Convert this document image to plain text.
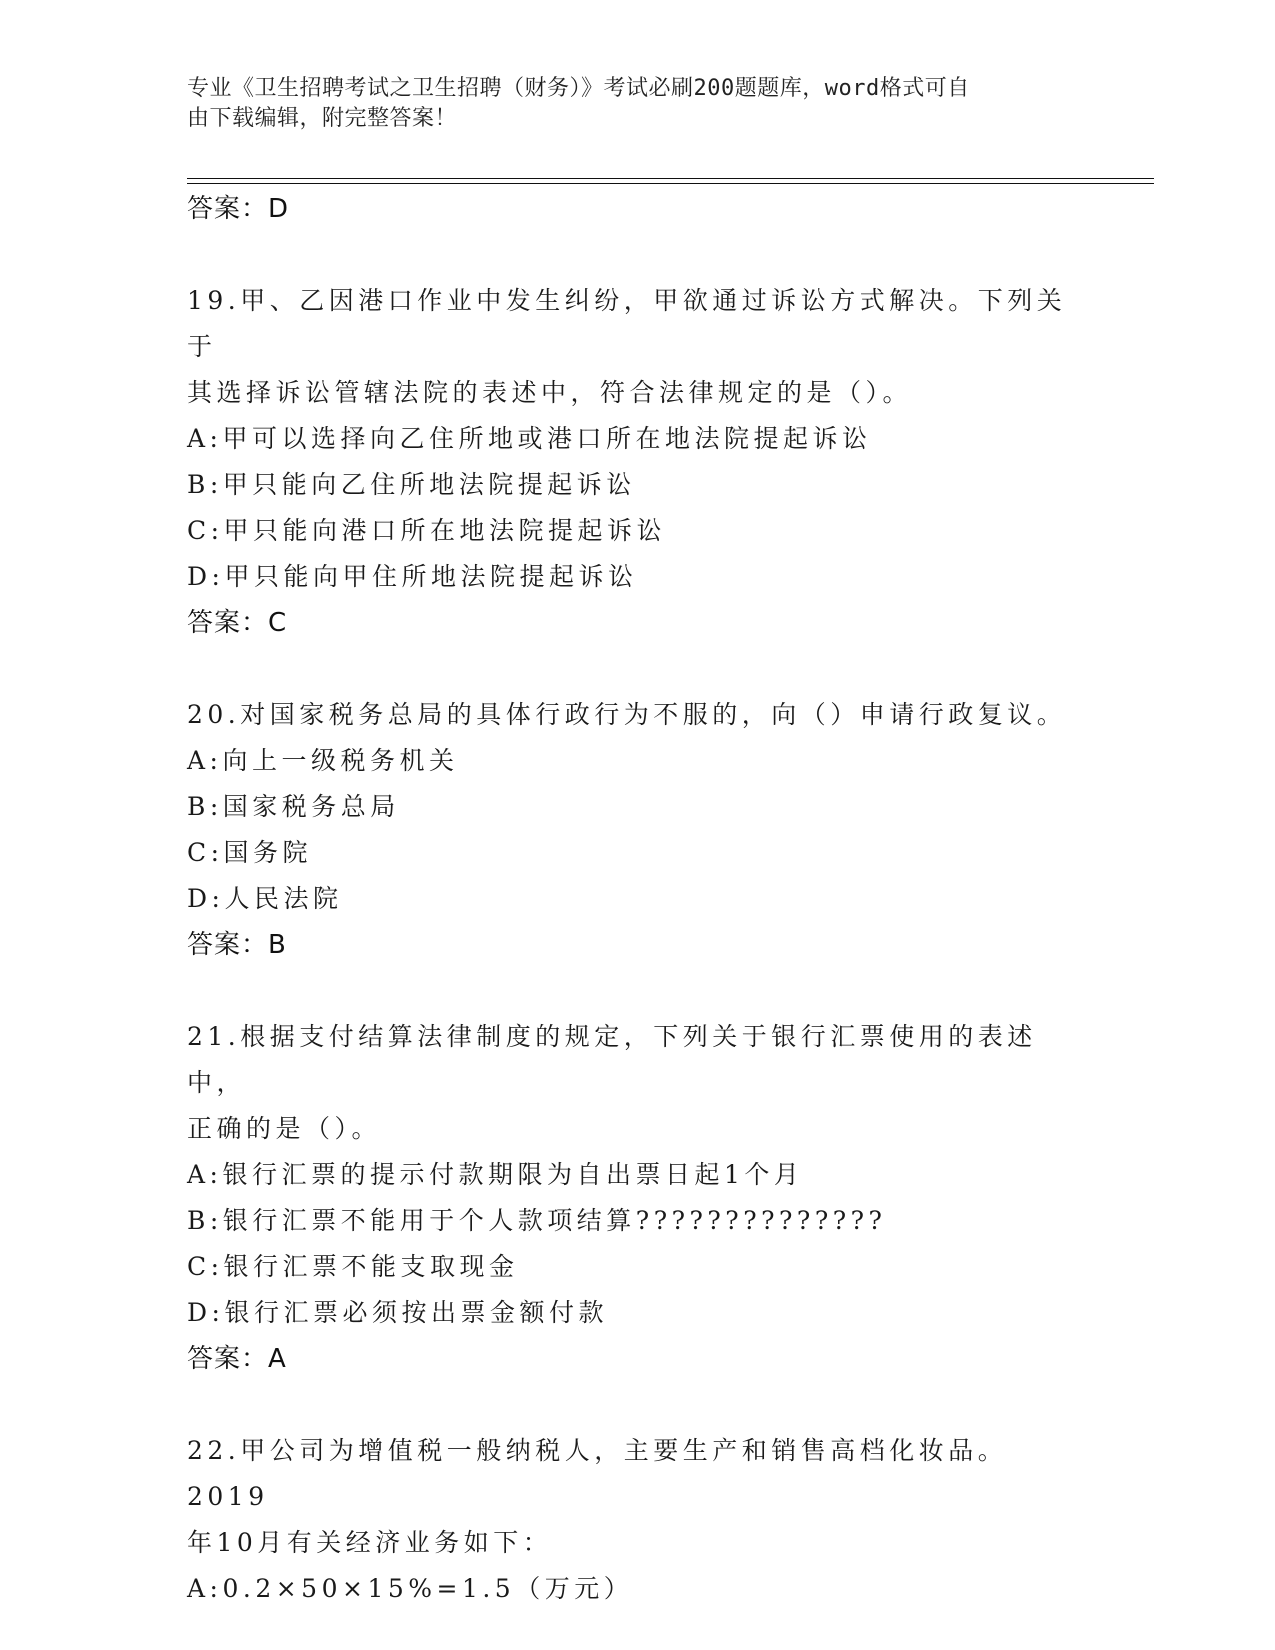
专业《卫生招聘考试之卫生招聘（财务）》考试必刷200题题库，word格式可自
由下载编辑，附完整答案！
答案：D
19.甲、乙因港口作业中发生纠纷，甲欲通过诉讼方式解决。下列关于
其选择诉讼管辖法院的表述中，符合法律规定的是（）。
A:甲可以选择向乙住所地或港口所在地法院提起诉讼
B:甲只能向乙住所地法院提起诉讼
C:甲只能向港口所在地法院提起诉讼
D:甲只能向甲住所地法院提起诉讼
答案：C
20.对国家税务总局的具体行政行为不服的，向（）申请行政复议。
A:向上一级税务机关
B:国家税务总局
C:国务院
D:人民法院
答案：B
21.根据支付结算法律制度的规定，下列关于银行汇票使用的表述中，
正确的是（）。
A:银行汇票的提示付款期限为自出票日起1个月
B:银行汇票不能用于个人款项结算??????????????
C:银行汇票不能支取现金
D:银行汇票必须按出票金额付款
答案：A
22.甲公司为增值税一般纳税人，主要生产和销售高档化妆品。2019
年10月有关经济业务如下：
A:0.2×50×15%=1.5（万元）
